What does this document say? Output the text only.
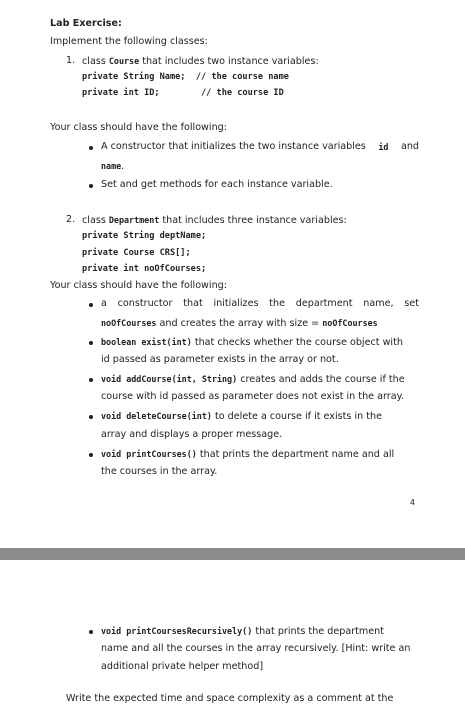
Lab Exercise:
Implement the following classes:
1. class Course that includes two instance variables:
private String Name;  // the course name
private int ID;        // the course ID
Your class should have the following:
A constructor that initializes the two instance variables id and
name.
Set and get methods for each instance variable.
2. class Department that includes three instance variables:
private String deptName;
private Course CRS[];
private int noOfCourses;
Your class should have the following:
a constructor that initializes the department name, set
noOfCourses and creates the array with size = noOfCourses
boolean exist(int) that checks whether the course object with
id passed as parameter exists in the array or not.
void addCourse(int, String) creates and adds the course if the
course with id passed as parameter does not exist in the array.
void deleteCourse(int) to delete a course if it exists in the
array and displays a proper message.
void printCourses() that prints the department name and all
the courses in the array.
4
void printCoursesRecursively() that prints the department
name and all the courses in the array recursively. [Hint: write an
additional private helper method]
Write the expected time and space complexity as a comment at the
